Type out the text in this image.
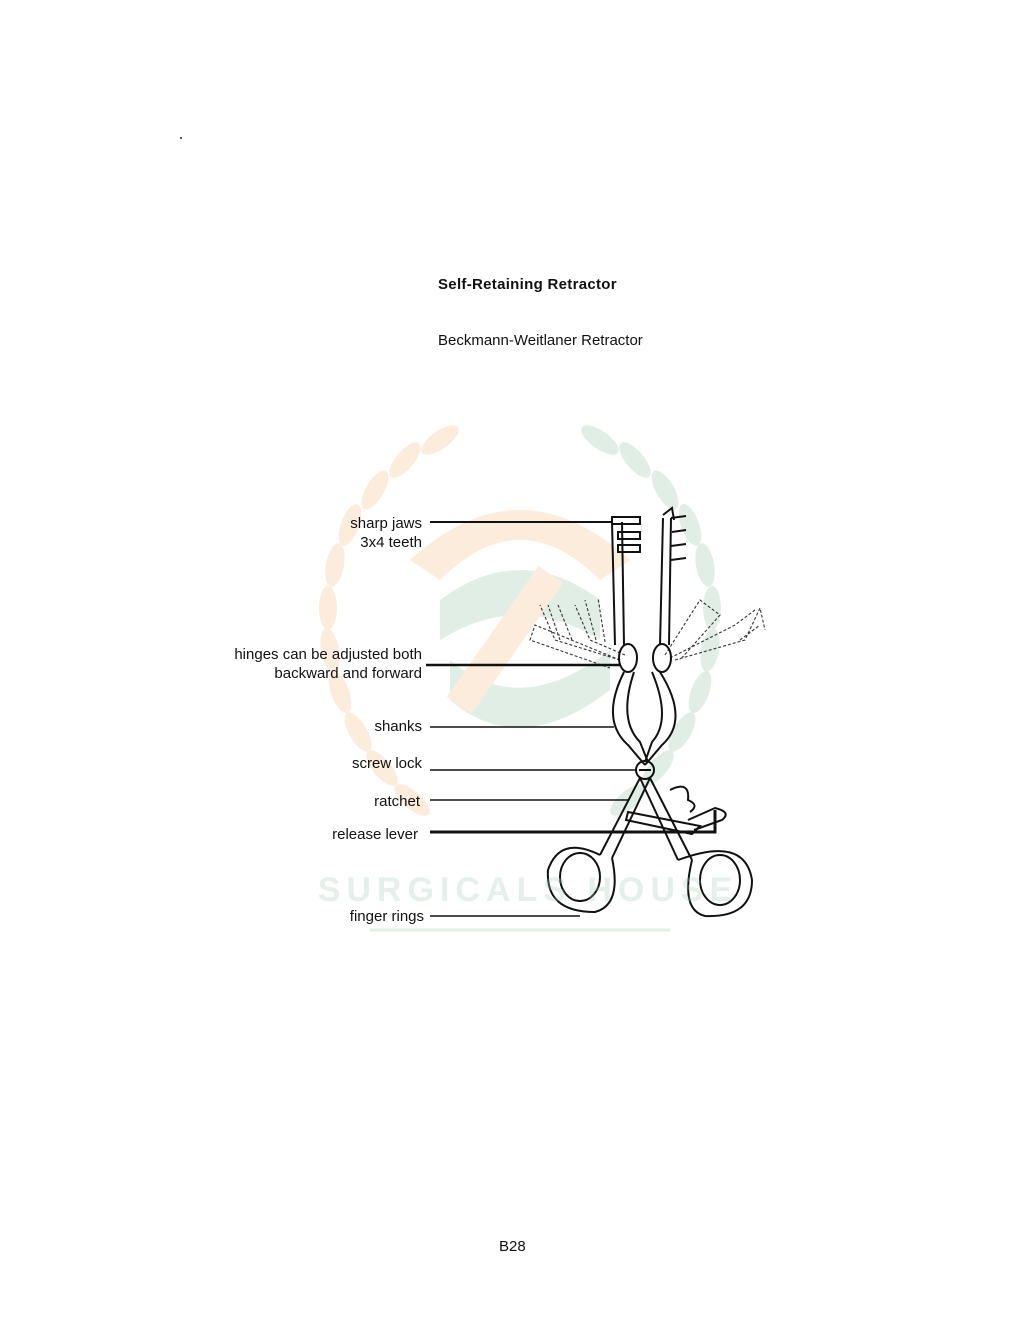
SURGICALS HOUSE
Self-Retaining Retractor
Beckmann-Weitlaner Retractor
sharp jaws
3x4 teeth
hinges can be adjusted both
backward and forward
shanks
screw lock
ratchet
release lever
finger rings
B28
